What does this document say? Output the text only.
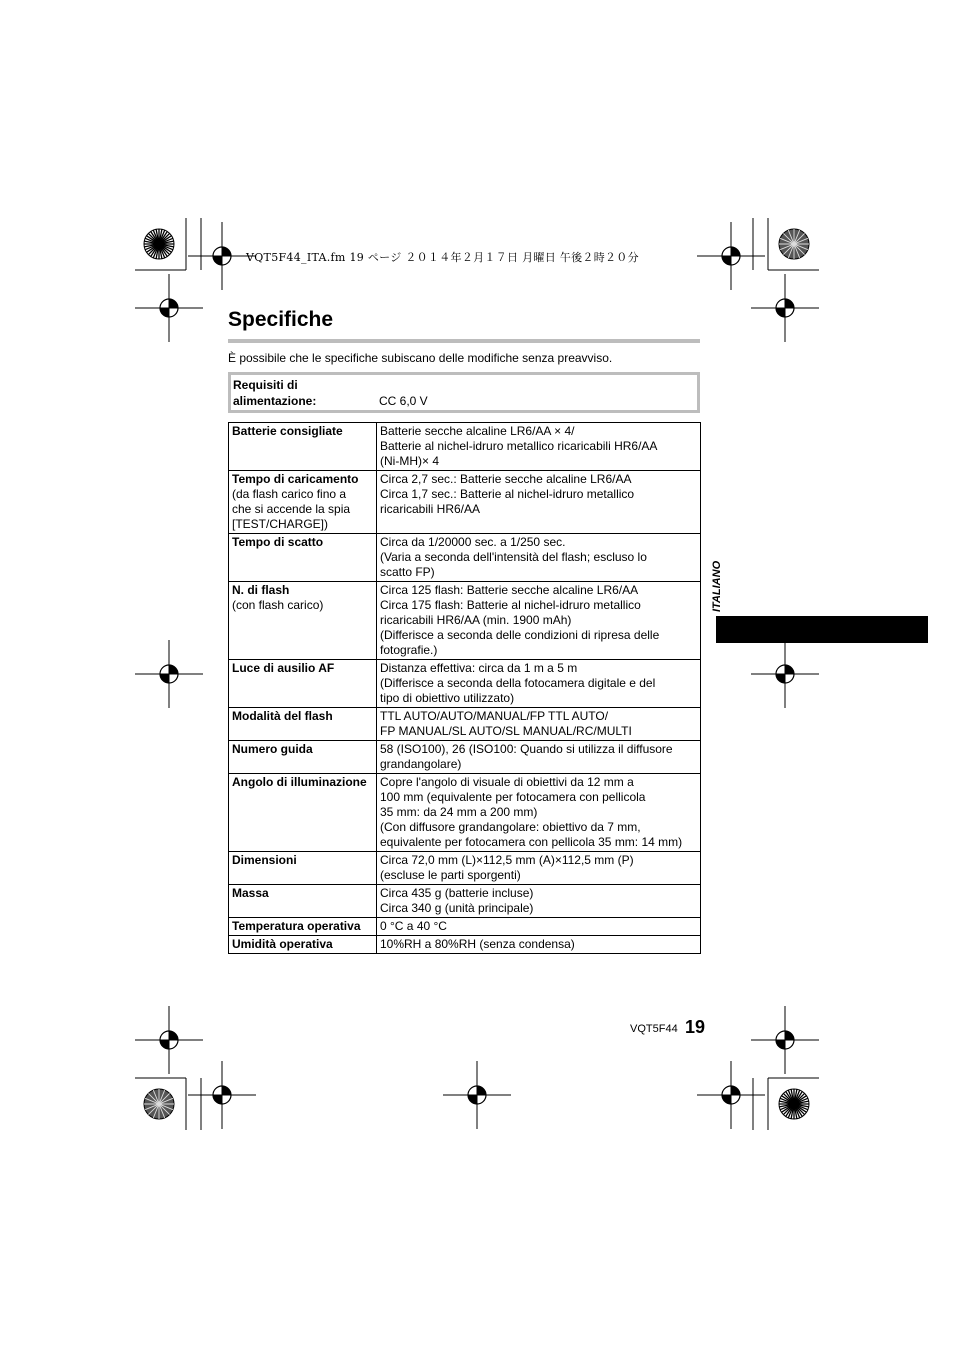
VQT5F44_ITA.fm 19 ページ ２０１４年２月１７日 月曜日 午後２時２０分
Specifiche
È possibile che le specifiche subiscano delle modifiche senza preavviso.
Requisiti di
alimentazione:	CC 6,0 V
Batterie consigliate	Batterie secche alcaline LR6/AA × 4/
Batterie al nichel-idruro metallico ricaricabili HR6/AA
(Ni-MH)× 4

Tempo di caricamento
(da flash carico fino a
che si accende la spia
[TEST/CHARGE])	Circa 2,7 sec.: Batterie secche alcaline LR6/AA
Circa 1,7 sec.: Batterie al nichel-idruro metallico
ricaricabili HR6/AA

Tempo di scatto	Circa da 1/20000 sec. a 1/250 sec.
(Varia a seconda dell'intensità del flash; escluso lo
scatto FP)

N. di flash
(con flash carico)	Circa 125 flash: Batterie secche alcaline LR6/AA
Circa 175 flash: Batterie al nichel-idruro metallico
ricaricabili HR6/AA (min. 1900 mAh)
(Differisce a seconda delle condizioni di ripresa delle
fotografie.)

Luce di ausilio AF	Distanza effettiva: circa da 1 m a 5 m
(Differisce a seconda della fotocamera digitale e del
tipo di obiettivo utilizzato)

Modalità del flash	TTL AUTO/AUTO/MANUAL/FP TTL AUTO/
FP MANUAL/SL AUTO/SL MANUAL/RC/MULTI

Numero guida	58 (ISO100), 26 (ISO100: Quando si utilizza il diffusore
grandangolare)

Angolo di illuminazione	Copre l'angolo di visuale di obiettivi da 12 mm a
100 mm (equivalente per fotocamera con pellicola
35 mm: da 24 mm a 200 mm)
(Con diffusore grandangolare: obiettivo da 7 mm,
equivalente per fotocamera con pellicola 35 mm: 14 mm)

Dimensioni	Circa 72,0 mm (L)×112,5 mm (A)×112,5 mm (P)
(escluse le parti sporgenti)

Massa	Circa 435 g (batterie incluse)
Circa 340 g (unità principale)

Temperatura operativa	0 °C a 40 °C

Umidità operativa	10%RH a 80%RH (senza condensa)
ITALIANO
VQT5F44 19
